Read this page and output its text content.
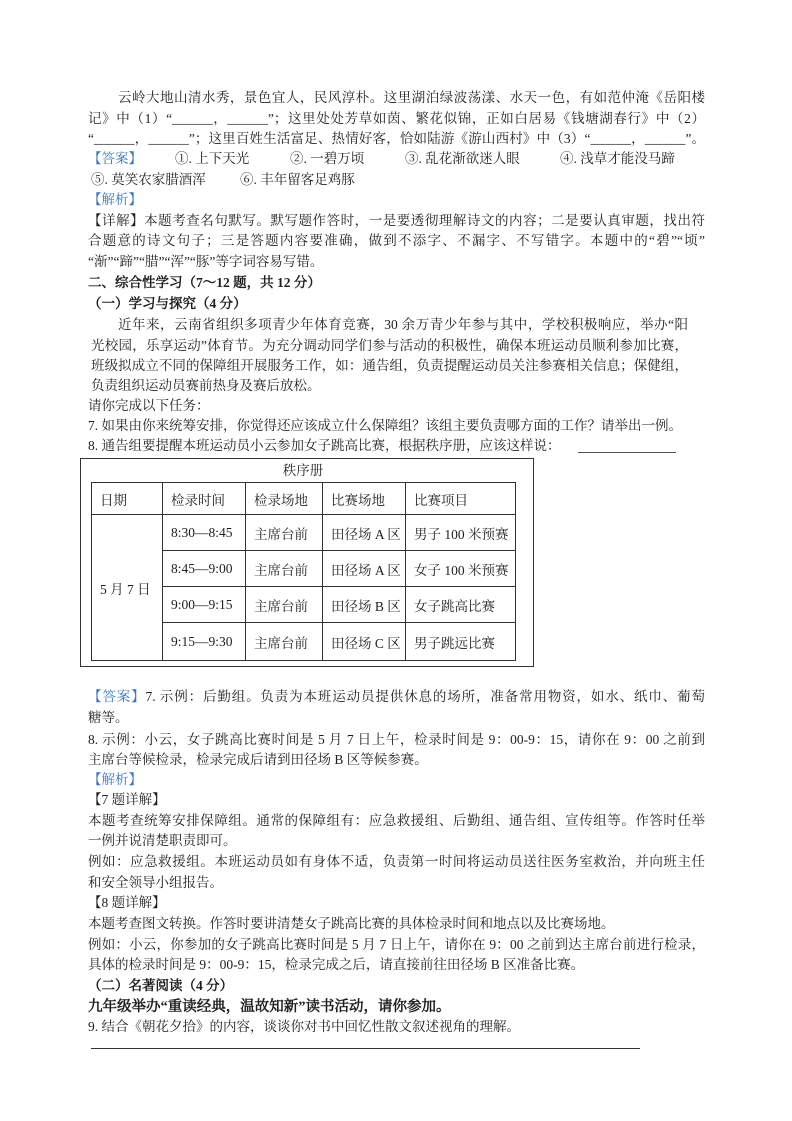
云岭大地山清水秀，景色宜人，民风淳朴。这里湖泊绿波荡漾、水天一色，有如范仲淹《岳阳楼
记》中（1）“______，______”；这里处处芳草如茵、繁花似锦，正如白居易《钱塘湖春行》中（2）
“______，______”；这里百姓生活富足、热情好客，恰如陆游《游山西村》中（3）“______，______”。
【答案】 ①. 上下天光	②. 一碧万顷	③. 乱花渐欲迷人眼	④. 浅草才能没马蹄
⑤. 莫笑农家腊酒浑	⑥. 丰年留客足鸡豚
【解析】
【详解】本题考查名句默写。默写题作答时，一是要透彻理解诗文的内容；二是要认真审题，找出符
合题意的诗文句子；三是答题内容要准确，做到不添字、不漏字、不写错字。本题中的“碧”“顷”
“渐”“蹄”“腊”“浑”“豚”等字词容易写错。
二、综合性学习（7～12 题，共 12 分）
（一）学习与探究（4 分）
近年来，云南省组织多项青少年体育竞赛，30 余万青少年参与其中，学校积极响应，举办“阳
光校园，乐享运动”体育节。为充分调动同学们参与活动的积极性，确保本班运动员顺利参加比赛，
班级拟成立不同的保障组开展服务工作，如：通告组，负责提醒运动员关注参赛相关信息；保健组，
负责组织运动员赛前热身及赛后放松。
请你完成以下任务：
7. 如果由你来统筹安排，你觉得还应该成立什么保障组？该组主要负责哪方面的工作？请举出一例。
8. 通告组要提醒本班运动员小云参加女子跳高比赛，根据秩序册，应该这样说：
秩序册
日期	检录时间	检录场地	比赛场地	比赛项目
5 月 7 日	8:30—8:45	主席台前	田径场 A 区	男子 100 米预赛
	8:45—9:00	主席台前	田径场 A 区	女子 100 米预赛
	9:00—9:15	主席台前	田径场 B 区	女子跳高比赛
	9:15—9:30	主席台前	田径场 C 区	男子跳远比赛
【答案】7. 示例：后勤组。负责为本班运动员提供休息的场所，准备常用物资，如水、纸巾、葡萄
糖等。
8. 示例：小云，女子跳高比赛时间是 5 月 7 日上午，检录时间是 9：00-9：15，请你在 9：00 之前到
主席台等候检录，检录完成后请到田径场 B 区等候参赛。
【解析】
【7 题详解】
本题考查统筹安排保障组。通常的保障组有：应急救援组、后勤组、通告组、宣传组等。作答时任举
一例并说清楚职责即可。
例如：应急救援组。本班运动员如有身体不适，负责第一时间将运动员送往医务室救治，并向班主任
和安全领导小组报告。
【8 题详解】
本题考查图文转换。作答时要讲清楚女子跳高比赛的具体检录时间和地点以及比赛场地。
例如：小云，你参加的女子跳高比赛时间是 5 月 7 日上午，请你在 9：00 之前到达主席台前进行检录，
具体的检录时间是 9：00-9：15，检录完成之后，请直接前往田径场 B 区准备比赛。
（二）名著阅读（4 分）
九年级举办“重读经典，温故知新”读书活动，请你参加。
9. 结合《朝花夕拾》的内容，谈谈你对书中回忆性散文叙述视角的理解。
